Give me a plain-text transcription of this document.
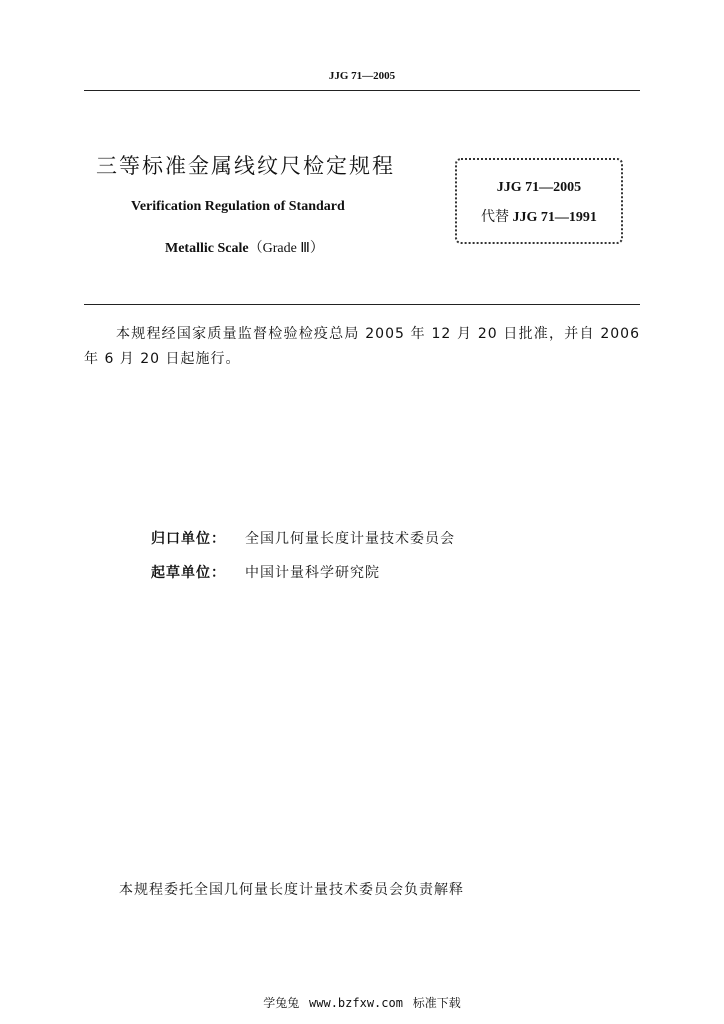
JJG 71—2005
三等标准金属线纹尺检定规程
Verification Regulation of Standard
Metallic Scale（Grade Ⅲ）
JJG 71—2005
代替 JJG 71—1991
本规程经国家质量监督检验检疫总局 2005 年 12 月 20 日批准，并自 2006 年 6 月 20 日起施行。
归口单位： 全国几何量长度计量技术委员会
起草单位： 中国计量科学研究院
本规程委托全国几何量长度计量技术委员会负责解释
学兔兔 www.bzfxw.com 标准下载
